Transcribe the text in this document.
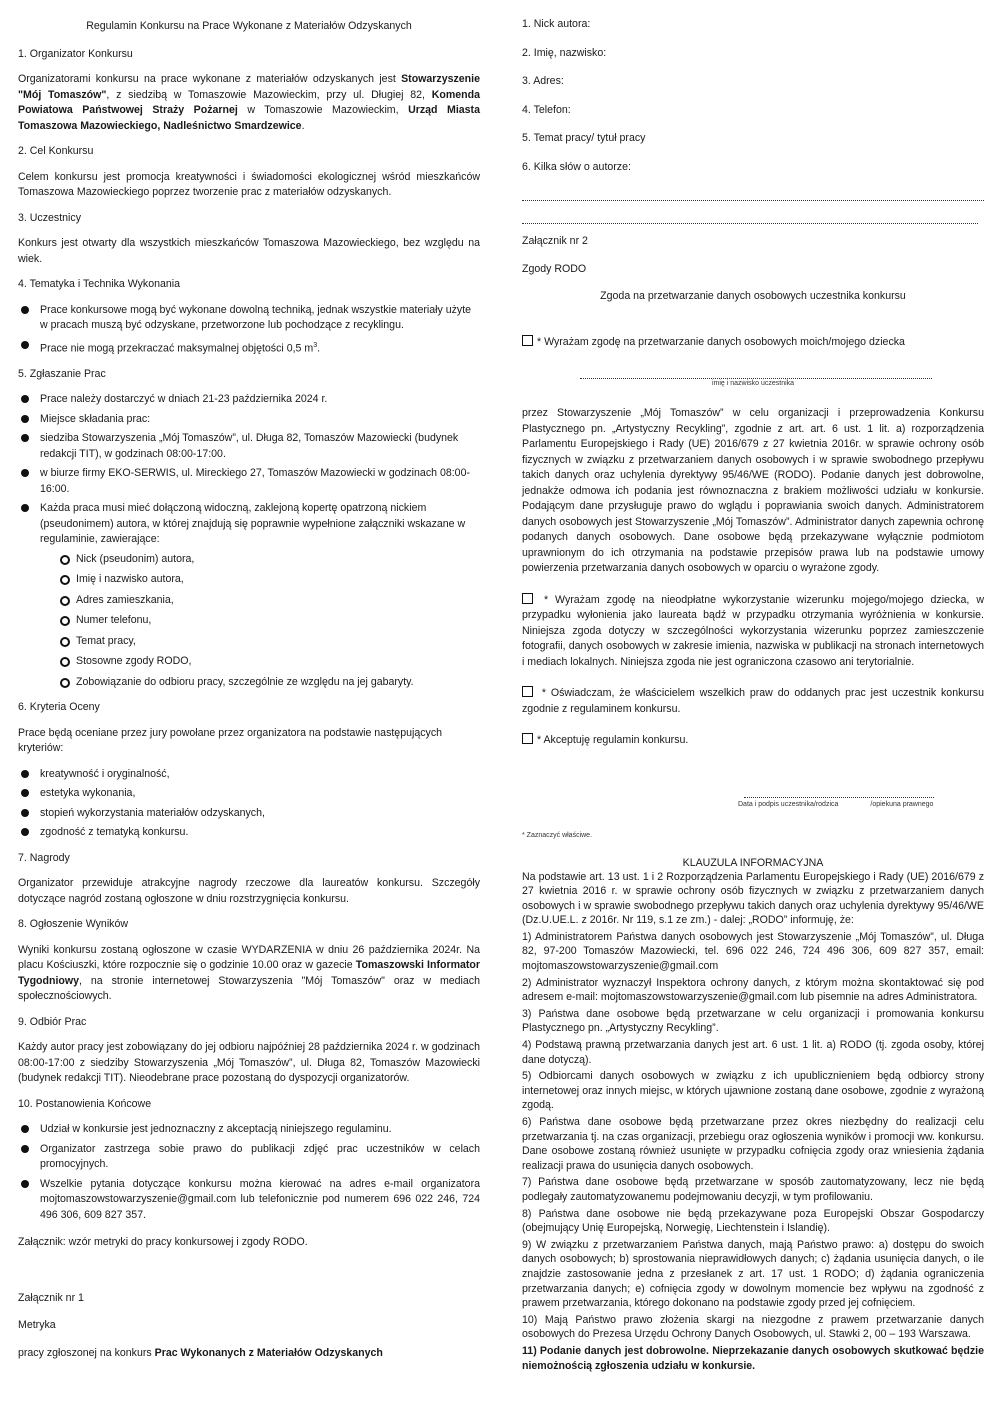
Regulamin Konkursu na Prace Wykonane z Materiałów Odzyskanych

1. Organizator Konkursu

Organizatorami konkursu na prace wykonane z materiałów odzyskanych jest Stowarzyszenie "Mój Tomaszów", z siedzibą w Tomaszowie Mazowieckim, przy ul. Długiej 82, Komenda Powiatowa Państwowej Straży Pożarnej w Tomaszowie Mazowieckim, Urząd Miasta Tomaszowa Mazowieckiego, Nadleśnictwo Smardzewice.

2. Cel Konkursu

Celem konkursu jest promocja kreatywności i świadomości ekologicznej wśród mieszkańców Tomaszowa Mazowieckiego poprzez tworzenie prac z materiałów odzyskanych.

3. Uczestnicy

Konkurs jest otwarty dla wszystkich mieszkańców Tomaszowa Mazowieckiego, bez względu na wiek.

4. Tematyka i Technika Wykonania

Prace konkursowe mogą być wykonane dowolną techniką, jednak wszystkie materiały użyte w pracach muszą być odzyskane, przetworzone lub pochodzące z recyklingu.
Prace nie mogą przekraczać maksymalnej objętości 0,5 $m^3$.

5. Zgłaszanie Prac

Prace należy dostarczyć w dniach 21-23 października 2024 r.
Miejsce składania prac:
siedziba Stowarzyszenia „Mój Tomaszów”, ul. Długa 82, Tomaszów Mazowiecki (budynek redakcji TIT), w godzinach 08:00-17:00.
w biurze firmy EKO-SERWIS, ul. Mireckiego 27, Tomaszów Mazowiecki w godzinach 08:00-16:00.
Każda praca musi mieć dołączoną widoczną, zaklejoną kopertę opatrzoną nickiem (pseudonimem) autora, w której znajdują się poprawnie wypełnione załączniki wskazane w regulaminie, zawierające:
Nick (pseudonim) autora,
Imię i nazwisko autora,
Adres zamieszkania,
Numer telefonu,
Temat pracy,
Stosowne zgody RODO,
Zobowiązanie do odbioru pracy, szczególnie ze względu na jej gabaryty.

6. Kryteria Oceny

Prace będą oceniane przez jury powołane przez organizatora na podstawie następujących kryteriów:

kreatywność i oryginalność,
estetyka wykonania,
stopień wykorzystania materiałów odzyskanych,
zgodność z tematyką konkursu.

7. Nagrody

Organizator przewiduje atrakcyjne nagrody rzeczowe dla laureatów konkursu. Szczegóły dotyczące nagród zostaną ogłoszone w dniu rozstrzygnięcia konkursu.

8. Ogłoszenie Wyników

Wyniki konkursu zostaną ogłoszone w czasie WYDARZENIA w dniu 26 października 2024r. Na placu Kościuszki, które rozpocznie się o godzinie 10.00 oraz w gazecie Tomaszowski Informator Tygodniowy, na stronie internetowej Stowarzyszenia "Mój Tomaszów" oraz w mediach społecznościowych.

9. Odbiór Prac

Każdy autor pracy jest zobowiązany do jej odbioru najpóźniej 28 października 2024 r. w godzinach 08:00-17:00 z siedziby Stowarzyszenia „Mój Tomaszów”, ul. Długa 82, Tomaszów Mazowiecki (budynek redakcji TIT). Nieodebrane prace pozostaną do dyspozycji organizatorów.

10. Postanowienia Końcowe

Udział w konkursie jest jednoznaczny z akceptacją niniejszego regulaminu.
Organizator zastrzega sobie prawo do publikacji zdjęć prac uczestników w celach promocyjnych.
Wszelkie pytania dotyczące konkursu można kierować na adres e-mail organizatora mojtomaszowstowarzyszenie@gmail.com lub telefonicznie pod numerem 696 022 246, 724 496 306, 609 827 357.

Załącznik: wzór metryki do pracy konkursowej i zgody RODO.

Załącznik nr 1

Metryka

pracy zgłoszonej na konkurs Prac Wykonanych z Materiałów Odzyskanych

1. Nick autora:
2. Imię, nazwisko:
3. Adres:
4. Telefon:
5. Temat pracy/ tytuł pracy
6. Kilka słów o autorze:

Załącznik nr 2

Zgody RODO

Zgoda na przetwarzanie danych osobowych uczestnika konkursu

* Wyrażam zgodę na przetwarzanie danych osobowych moich/mojego dziecka

imię i nazwisko uczestnika

przez Stowarzyszenie „Mój Tomaszów” w celu organizacji i przeprowadzenia Konkursu Plastycznego pn. „Artystyczny Recykling”, zgodnie z art. art. 6 ust. 1 lit. a) rozporządzenia Parlamentu Europejskiego i Rady (UE) 2016/679 z 27 kwietnia 2016r. w sprawie ochrony osób fizycznych w związku z przetwarzaniem danych osobowych i w sprawie swobodnego przepływu takich danych oraz uchylenia dyrektywy 95/46/WE (RODO). Podanie danych jest dobrowolne, jednakże odmowa ich podania jest równoznaczna z brakiem możliwości udziału w konkursie. Podającym dane przysługuje prawo do wglądu i poprawiania swoich danych. Administratorem danych osobowych jest Stowarzyszenie „Mój Tomaszów”. Administrator danych zapewnia ochronę podanych danych osobowych. Dane osobowe będą przekazywane wyłącznie podmiotom uprawnionym do ich otrzymania na podstawie przepisów prawa lub na podstawie umowy powierzenia przetwarzania danych osobowych w oparciu o wyrażone zgody.

* Wyrażam zgodę na nieodpłatne wykorzystanie wizerunku mojego/mojego dziecka, w przypadku wyłonienia jako laureata bądź w przypadku otrzymania wyróżnienia w konkursie. Niniejsza zgoda dotyczy w szczególności wykorzystania wizerunku poprzez zamieszczenie fotografii, danych osobowych w zakresie imienia, nazwiska w publikacji na stronach internetowych i mediach lokalnych. Niniejsza zgoda nie jest ograniczona czasowo ani terytorialnie.

* Oświadczam, że właścicielem wszelkich praw do oddanych prac jest uczestnik konkursu zgodnie z regulaminem konkursu.

* Akceptuję regulamin konkursu.

Data i podpis uczestnika/rodzica	/opiekuna prawnego

* Zaznaczyć właściwe.

KLAUZULA INFORMACYJNA

Na podstawie art. 13 ust. 1 i 2 Rozporządzenia Parlamentu Europejskiego i Rady (UE) 2016/679 z 27 kwietnia 2016 r. w sprawie ochrony osób fizycznych w związku z przetwarzaniem danych osobowych i w sprawie swobodnego przepływu takich danych oraz uchylenia dyrektywy 95/46/WE (Dz.U.UE.L. z 2016r. Nr 119, s.1 ze zm.) - dalej: „RODO” informuję, że:

1) Administratorem Państwa danych osobowych jest Stowarzyszenie „Mój Tomaszów”, ul. Długa 82, 97-200 Tomaszów Mazowiecki, tel. 696 022 246, 724 496 306, 609 827 357, email: mojtomaszowstowarzyszenie@gmail.com

2) Administrator wyznaczył Inspektora ochrony danych, z którym można skontaktować się pod adresem e-mail: mojtomaszowstowarzyszenie@gmail.com lub pisemnie na adres Administratora.

3) Państwa dane osobowe będą przetwarzane w celu organizacji i promowania konkursu Plastycznego pn. „Artystyczny Recykling”.

4) Podstawą prawną przetwarzania danych jest art. 6 ust. 1 lit. a) RODO (tj. zgoda osoby, której dane dotyczą).

5) Odbiorcami danych osobowych w związku z ich upublicznieniem będą odbiorcy strony internetowej oraz innych miejsc, w których ujawnione zostaną dane osobowe, zgodnie z wyrażoną zgodą.

6) Państwa dane osobowe będą przetwarzane przez okres niezbędny do realizacji celu przetwarzania tj. na czas organizacji, przebiegu oraz ogłoszenia wyników i promocji ww. konkursu. Dane osobowe zostaną również usunięte w przypadku cofnięcia zgody oraz wniesienia żądania realizacji prawa do usunięcia danych osobowych.

7) Państwa dane osobowe będą przetwarzane w sposób zautomatyzowany, lecz nie będą podlegały zautomatyzowanemu podejmowaniu decyzji, w tym profilowaniu.

8) Państwa dane osobowe nie będą przekazywane poza Europejski Obszar Gospodarczy (obejmujący Unię Europejską, Norwegię, Liechtenstein i Islandię).

9) W związku z przetwarzaniem Państwa danych, mają Państwo prawo: a) dostępu do swoich danych osobowych; b) sprostowania nieprawidłowych danych; c) żądania usunięcia danych, o ile znajdzie zastosowanie jedna z przesłanek z art. 17 ust. 1 RODO; d) żądania ograniczenia przetwarzania danych; e) cofnięcia zgody w dowolnym momencie bez wpływu na zgodność z prawem przetwarzania, którego dokonano na podstawie zgody przed jej cofnięciem.

10) Mają Państwo prawo złożenia skargi na niezgodne z prawem przetwarzanie danych osobowych do Prezesa Urzędu Ochrony Danych Osobowych, ul. Stawki 2, 00 – 193 Warszawa.

11) Podanie danych jest dobrowolne. Nieprzekazanie danych osobowych skutkować będzie niemożnością zgłoszenia udziału w konkursie.
